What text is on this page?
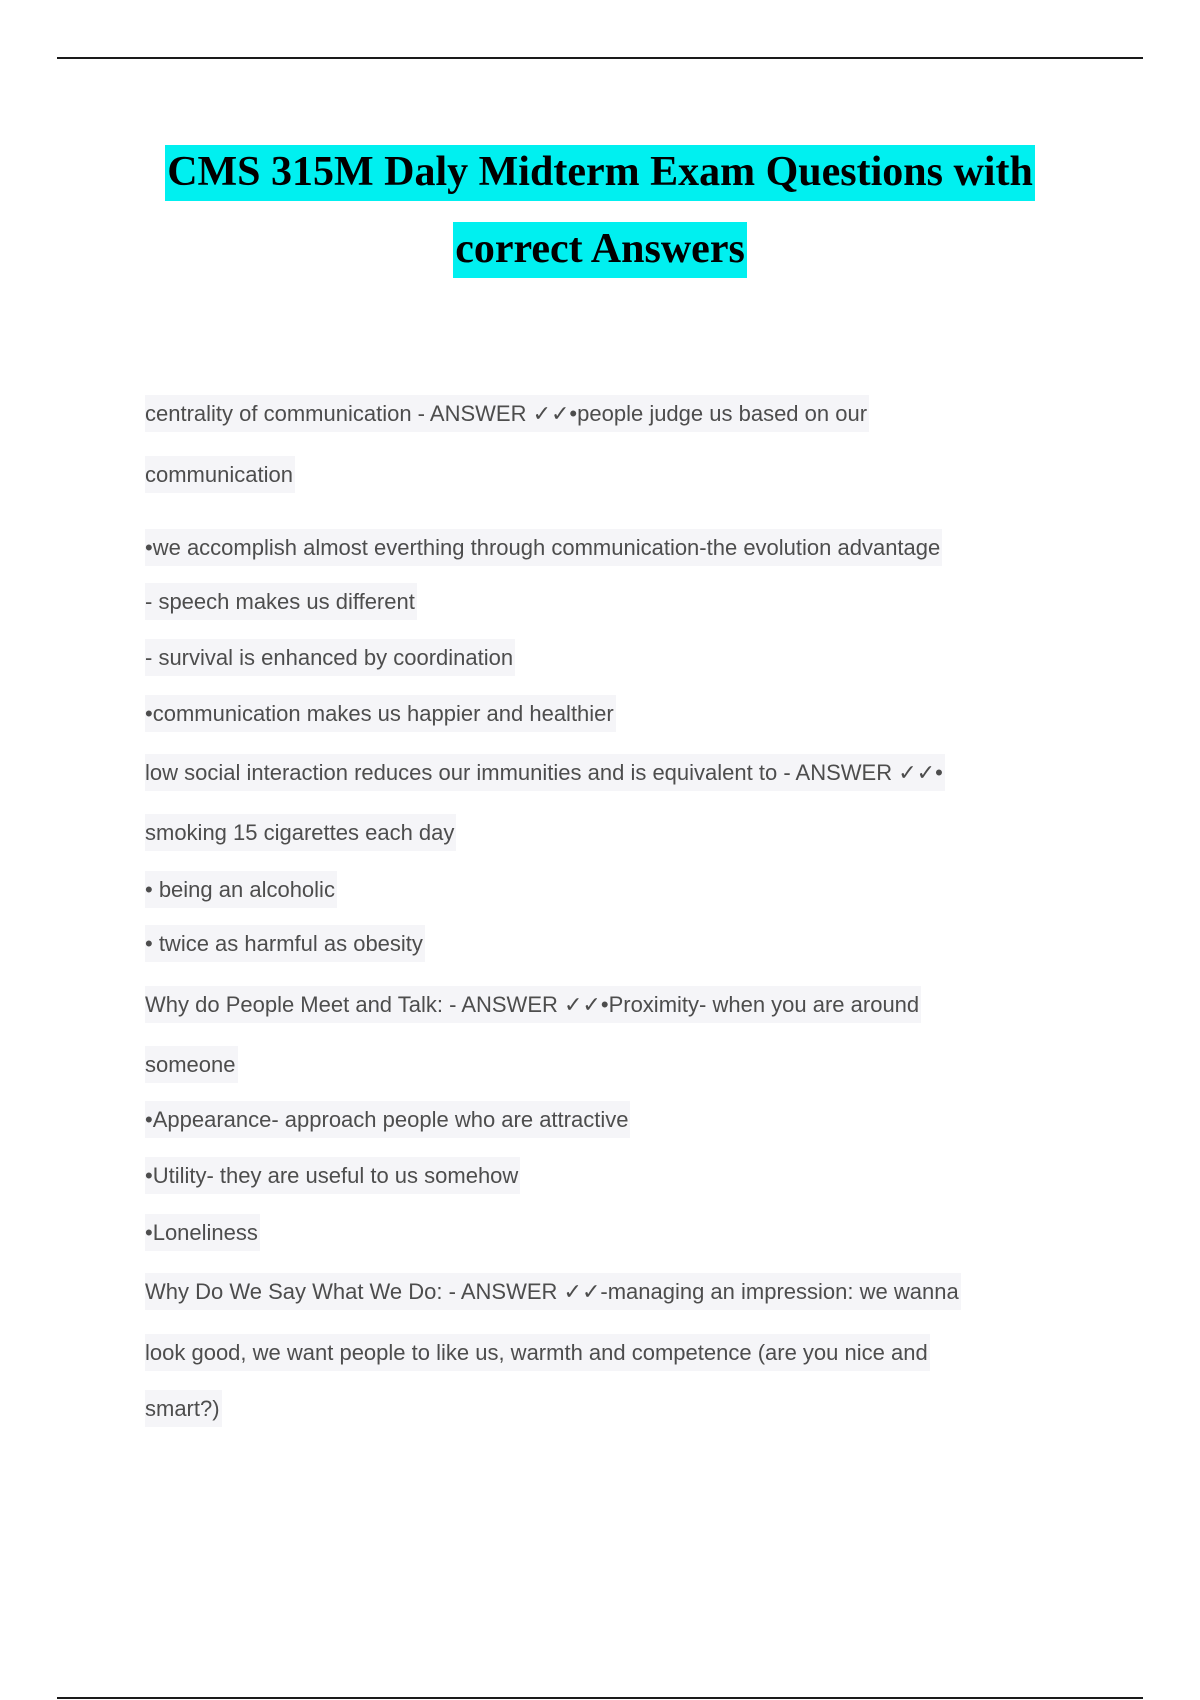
CMS 315M Daly Midterm Exam Questions with
correct Answers
centrality of communication - ANSWER ✓✓•people judge us based on our
communication
•we accomplish almost everthing through communication-the evolution advantage
- speech makes us different
- survival is enhanced by coordination
•communication makes us happier and healthier
low social interaction reduces our immunities and is equivalent to - ANSWER ✓✓•
smoking 15 cigarettes each day
• being an alcoholic
• twice as harmful as obesity
Why do People Meet and Talk: - ANSWER ✓✓•Proximity- when you are around
someone
•Appearance- approach people who are attractive
•Utility- they are useful to us somehow
•Loneliness
Why Do We Say What We Do: - ANSWER ✓✓-managing an impression: we wanna
look good, we want people to like us, warmth and competence (are you nice and
smart?)
